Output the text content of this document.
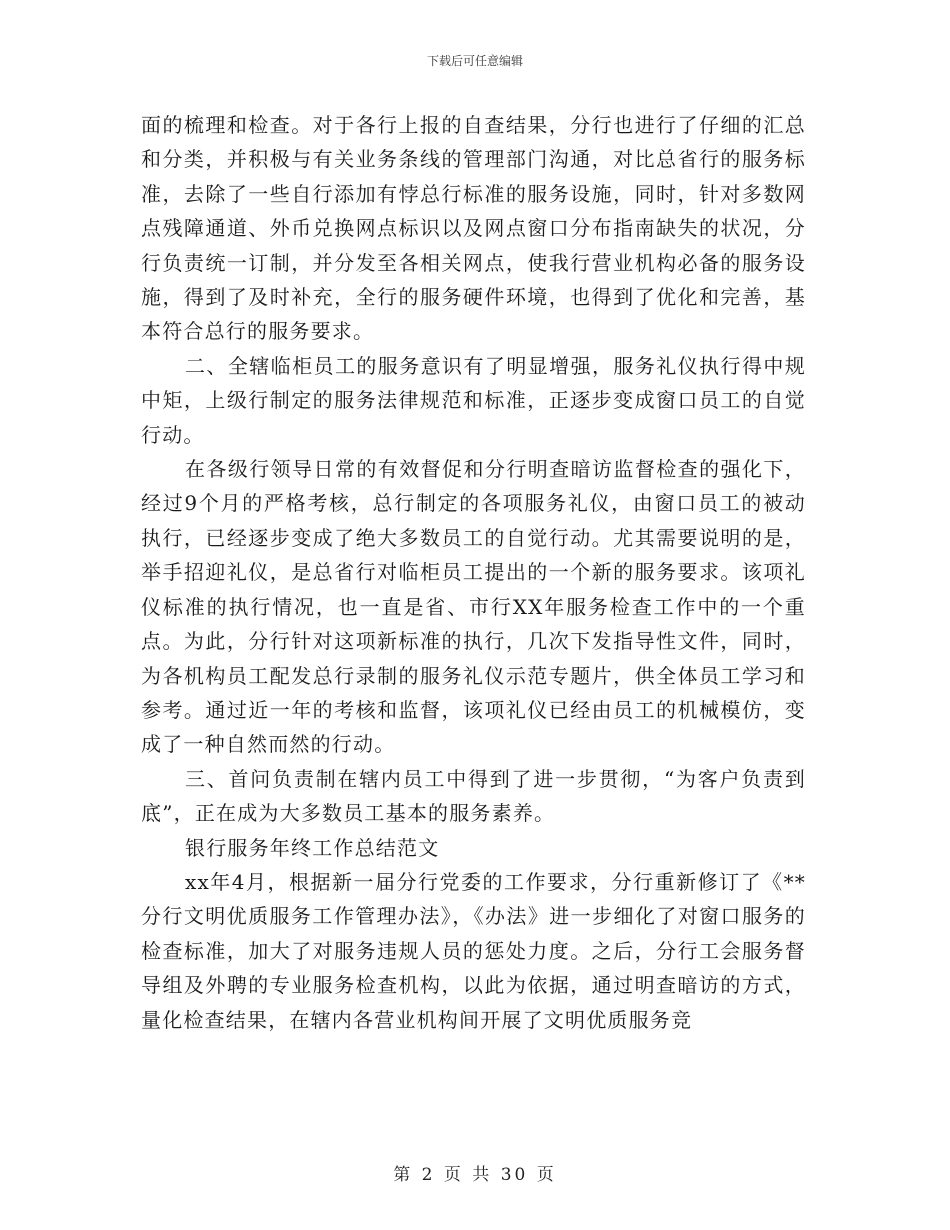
下载后可任意编辑

面的梳理和检查。对于各行上报的自查结果，分行也进行了仔细的汇总和分类，并积极与有关业务条线的管理部门沟通，对比总省行的服务标准，去除了一些自行添加有悖总行标准的服务设施，同时，针对多数网点残障通道、外币兑换网点标识以及网点窗口分布指南缺失的状况，分行负责统一订制，并分发至各相关网点，使我行营业机构必备的服务设施，得到了及时补充，全行的服务硬件环境，也得到了优化和完善，基本符合总行的服务要求。

二、全辖临柜员工的服务意识有了明显增强，服务礼仪执行得中规中矩，上级行制定的服务法律规范和标准，正逐步变成窗口员工的自觉行动。

在各级行领导日常的有效督促和分行明查暗访监督检查的强化下，经过9个月的严格考核，总行制定的各项服务礼仪，由窗口员工的被动执行，已经逐步变成了绝大多数员工的自觉行动。尤其需要说明的是，举手招迎礼仪，是总省行对临柜员工提出的一个新的服务要求。该项礼仪标准的执行情况，也一直是省、市行XX年服务检查工作中的一个重点。为此，分行针对这项新标准的执行，几次下发指导性文件，同时，为各机构员工配发总行录制的服务礼仪示范专题片，供全体员工学习和参考。通过近一年的考核和监督，该项礼仪已经由员工的机械模仿，变成了一种自然而然的行动。

三、首问负责制在辖内员工中得到了进一步贯彻，“为客户负责到底”，正在成为大多数员工基本的服务素养。

银行服务年终工作总结范文

xx年4月，根据新一届分行党委的工作要求，分行重新修订了《**分行文明优质服务工作管理办法》，《办法》进一步细化了对窗口服务的检查标准，加大了对服务违规人员的惩处力度。之后，分行工会服务督导组及外聘的专业服务检查机构，以此为依据，通过明查暗访的方式，量化检查结果，在辖内各营业机构间开展了文明优质服务竞

第 2 页 共 30 页
